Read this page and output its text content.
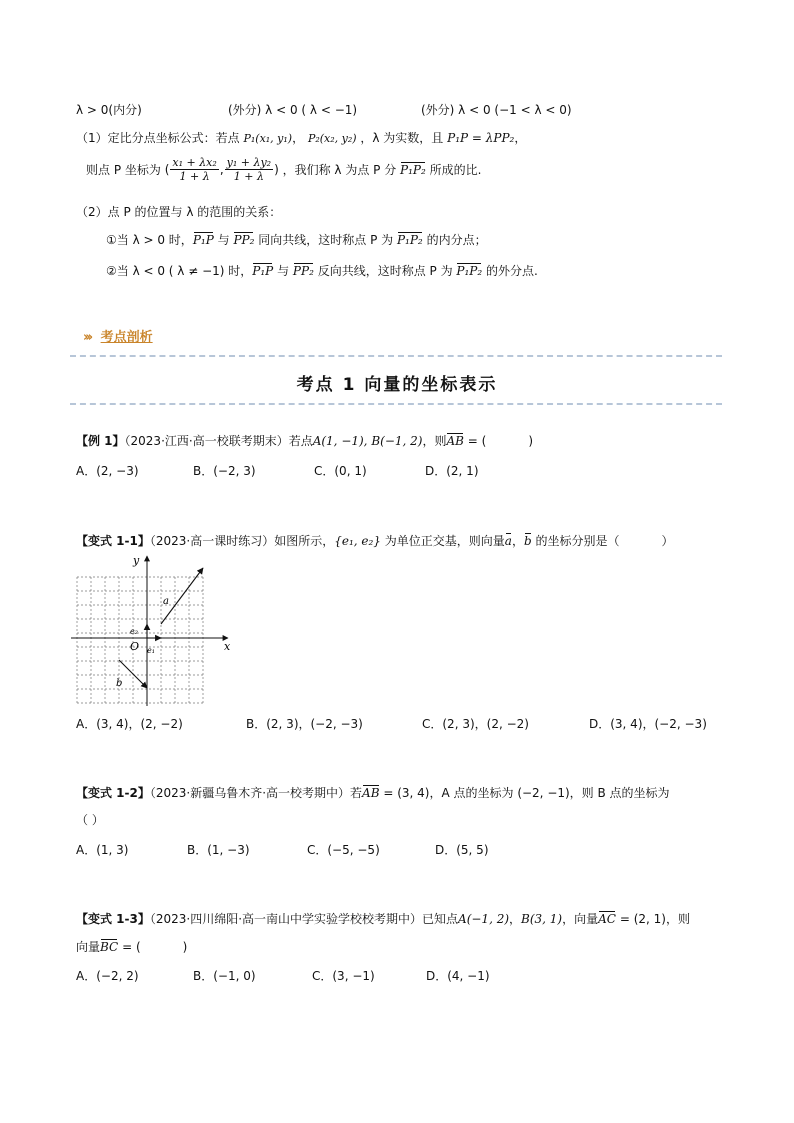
λ > 0(内分)	(外分) λ < 0 ( λ < −1)	(外分) λ < 0 (−1 < λ < 0)
（1）定比分点坐标公式：若点 P₁(x₁, y₁)， P₂(x₂, y₂) ，λ 为实数，且 P₁P = λPP₂，
则点 P 坐标为 ( $\frac{\text{x₁ + λx₂}}{1 + \lambda}$ , $\frac{\text{y₁ + λy₂}}{1 + \lambda}$ ) ，我们称 λ 为点 P 分 P₁P₂ 所成的比.
（2）点 P 的位置与 λ 的范围的关系：
①当 λ > 0 时，P₁P 与 PP₂ 同向共线，这时称点 P 为 P₁P₂ 的内分点；
②当 λ < 0 ( λ ≠ −1) 时，P₁P 与 PP₂ 反向共线，这时称点 P 为 P₁P₂ 的外分点.
››› 考点剖析
考点 1 向量的坐标表示
【例 1】（2023·江西·高一校联考期末）若点A(1, −1), B(−1, 2)，则AB = (	)
A．(2, −3)	B．(−2, 3)	C．(0, 1)	D．(2, 1)
【变式 1-1】（2023·高一课时练习）如图所示，{e₁, e₂} 为单位正交基，则向量a，b 的坐标分别是（	）
y
x
O
a
b
e₁
e₂
A．(3, 4)，(2, −2)	B．(2, 3)，(−2, −3)	C．(2, 3)，(2, −2)	D．(3, 4)，(−2, −3)
【变式 1-2】（2023·新疆乌鲁木齐·高一校考期中）若AB = (3, 4)，A 点的坐标为 (−2, −1)，则 B 点的坐标为
（ ）
A．(1, 3)	B．(1, −3)	C．(−5, −5)	D．(5, 5)
【变式 1-3】（2023·四川绵阳·高一南山中学实验学校校考期中）已知点A(−1, 2)，B(3, 1)，向量AC = (2, 1)，则
向量BC = (	)
A．(−2, 2)	B．(−1, 0)	C．(3, −1)	D．(4, −1)
